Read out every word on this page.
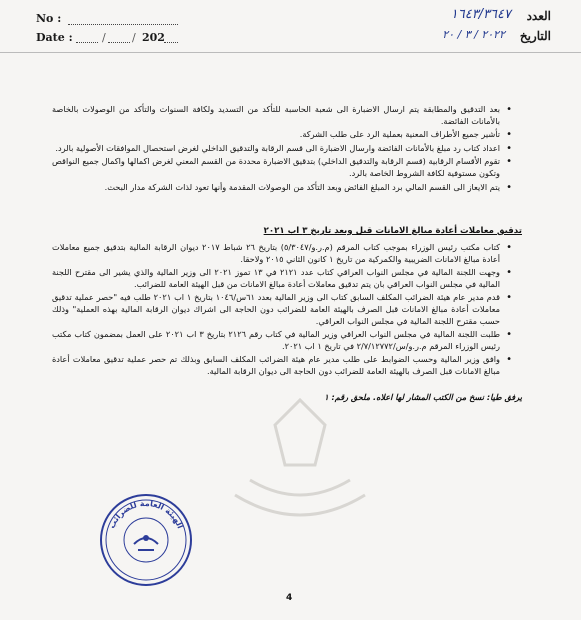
No :
Date :	/ / 202
العدد
١٦٤٣/٣٦٤٧
التاريخ
٢٠٢٢ / ٣ / ٢٠
• بعد التدقيق والمطابقة يتم ارسال الاضبارة الى شعبة الحاسبة للتأكد من التسديد ولكافة السنوات والتأكد من الوصولات بالخاصة بالأمانات الفائضة.
• تأشير جميع الأطراف المعنية بعملية الرد على طلب الشركة.
• اعداد كتاب رد مبلغ بالأمانات الفائضة وارسال الاضبارة الى قسم الرقابة والتدقيق الداخلي لغرض استحصال الموافقات الأصولية بالرد.
• تقوم الأقسام الرقابية (قسم الرقابة والتدقيق الداخلي) بتدقيق الاضبارة محددة من القسم المعني لغرض اكمالها واكمال جميع النواقص وتكون مستوفية لكافة الشروط الخاصة بالرد.
• يتم الايعاز الى القسم المالي برد المبلغ الفائض وبعد التأكد من الوصولات المقدمة وأنها تعود لذات الشركة مدار البحث.
تدقيق معاملات أعادة مبالغ الامانات قبل وبعد تاريخ ٣ اب ٢٠٢١
• كتاب مكتب رئيس الوزراء بموجب كتاب المرقم (م.ر.و/٥/٣٠٤٧) بتاريخ ٢٦ شباط ٢٠١٧ ديوان الرقابة المالية بتدقيق جميع معاملات أعادة مبالغ الامانات الضريبية والكمركية من تاريخ ١ كانون الثاني ٢٠١٥ ولاحقا.
• وجهت اللجنة المالية في مجلس النواب العراقي كتاب عدد ٢١٢١ في ١٣ تموز ٢٠٢١ الى وزير المالية والذي يشير الى مقترح اللجنة المالية في مجلس النواب العراقي بان يتم تدقيق معاملات أعادة مبالغ الامانات من قبل الهيئة العامة للضرائب.
• قدم مدير عام هيئة الضرائب المكلف السابق كتاب الى وزير المالية بعدد ٦١س/١٠٤٦ بتاريخ ١ اب ٢٠٢١ طلب فيه "حصر عملية تدقيق معاملات أعادة مبالغ الامانات قبل الصرف بالهيئة العامة للضرائب دون الحاجة الى اشراك ديوان الرقابة المالية بهذه العملية" وذلك حسب مقترح اللجنة المالية في مجلس النواب العراقي.
• طلبت اللجنة المالية في مجلس النواب العراقي وزير المالية في كتاب رقم ٢١٢٦ بتاريخ ٣ اب ٢٠٢١ على العمل بمضمون كتاب مكتب رئيس الوزراء المرقم م.ر.و/س/٢/٧/١٢٧٧٢ في تاريخ ١ اب ٢٠٢١.
• وافق وزير المالية وحسب الضوابط على طلب مدير عام هيئة الضرائب المكلف السابق وبذلك تم حصر عملية تدقيق معاملات أعادة مبالغ الامانات قبل الصرف بالهيئة العامة للضرائب دون الحاجة الى ديوان الرقابة المالية.
يرفق طيا: نسخ من الكتب المشار لها اعلاه. ملحق رقم: ١
الهيئة العامة للضرائب
4
